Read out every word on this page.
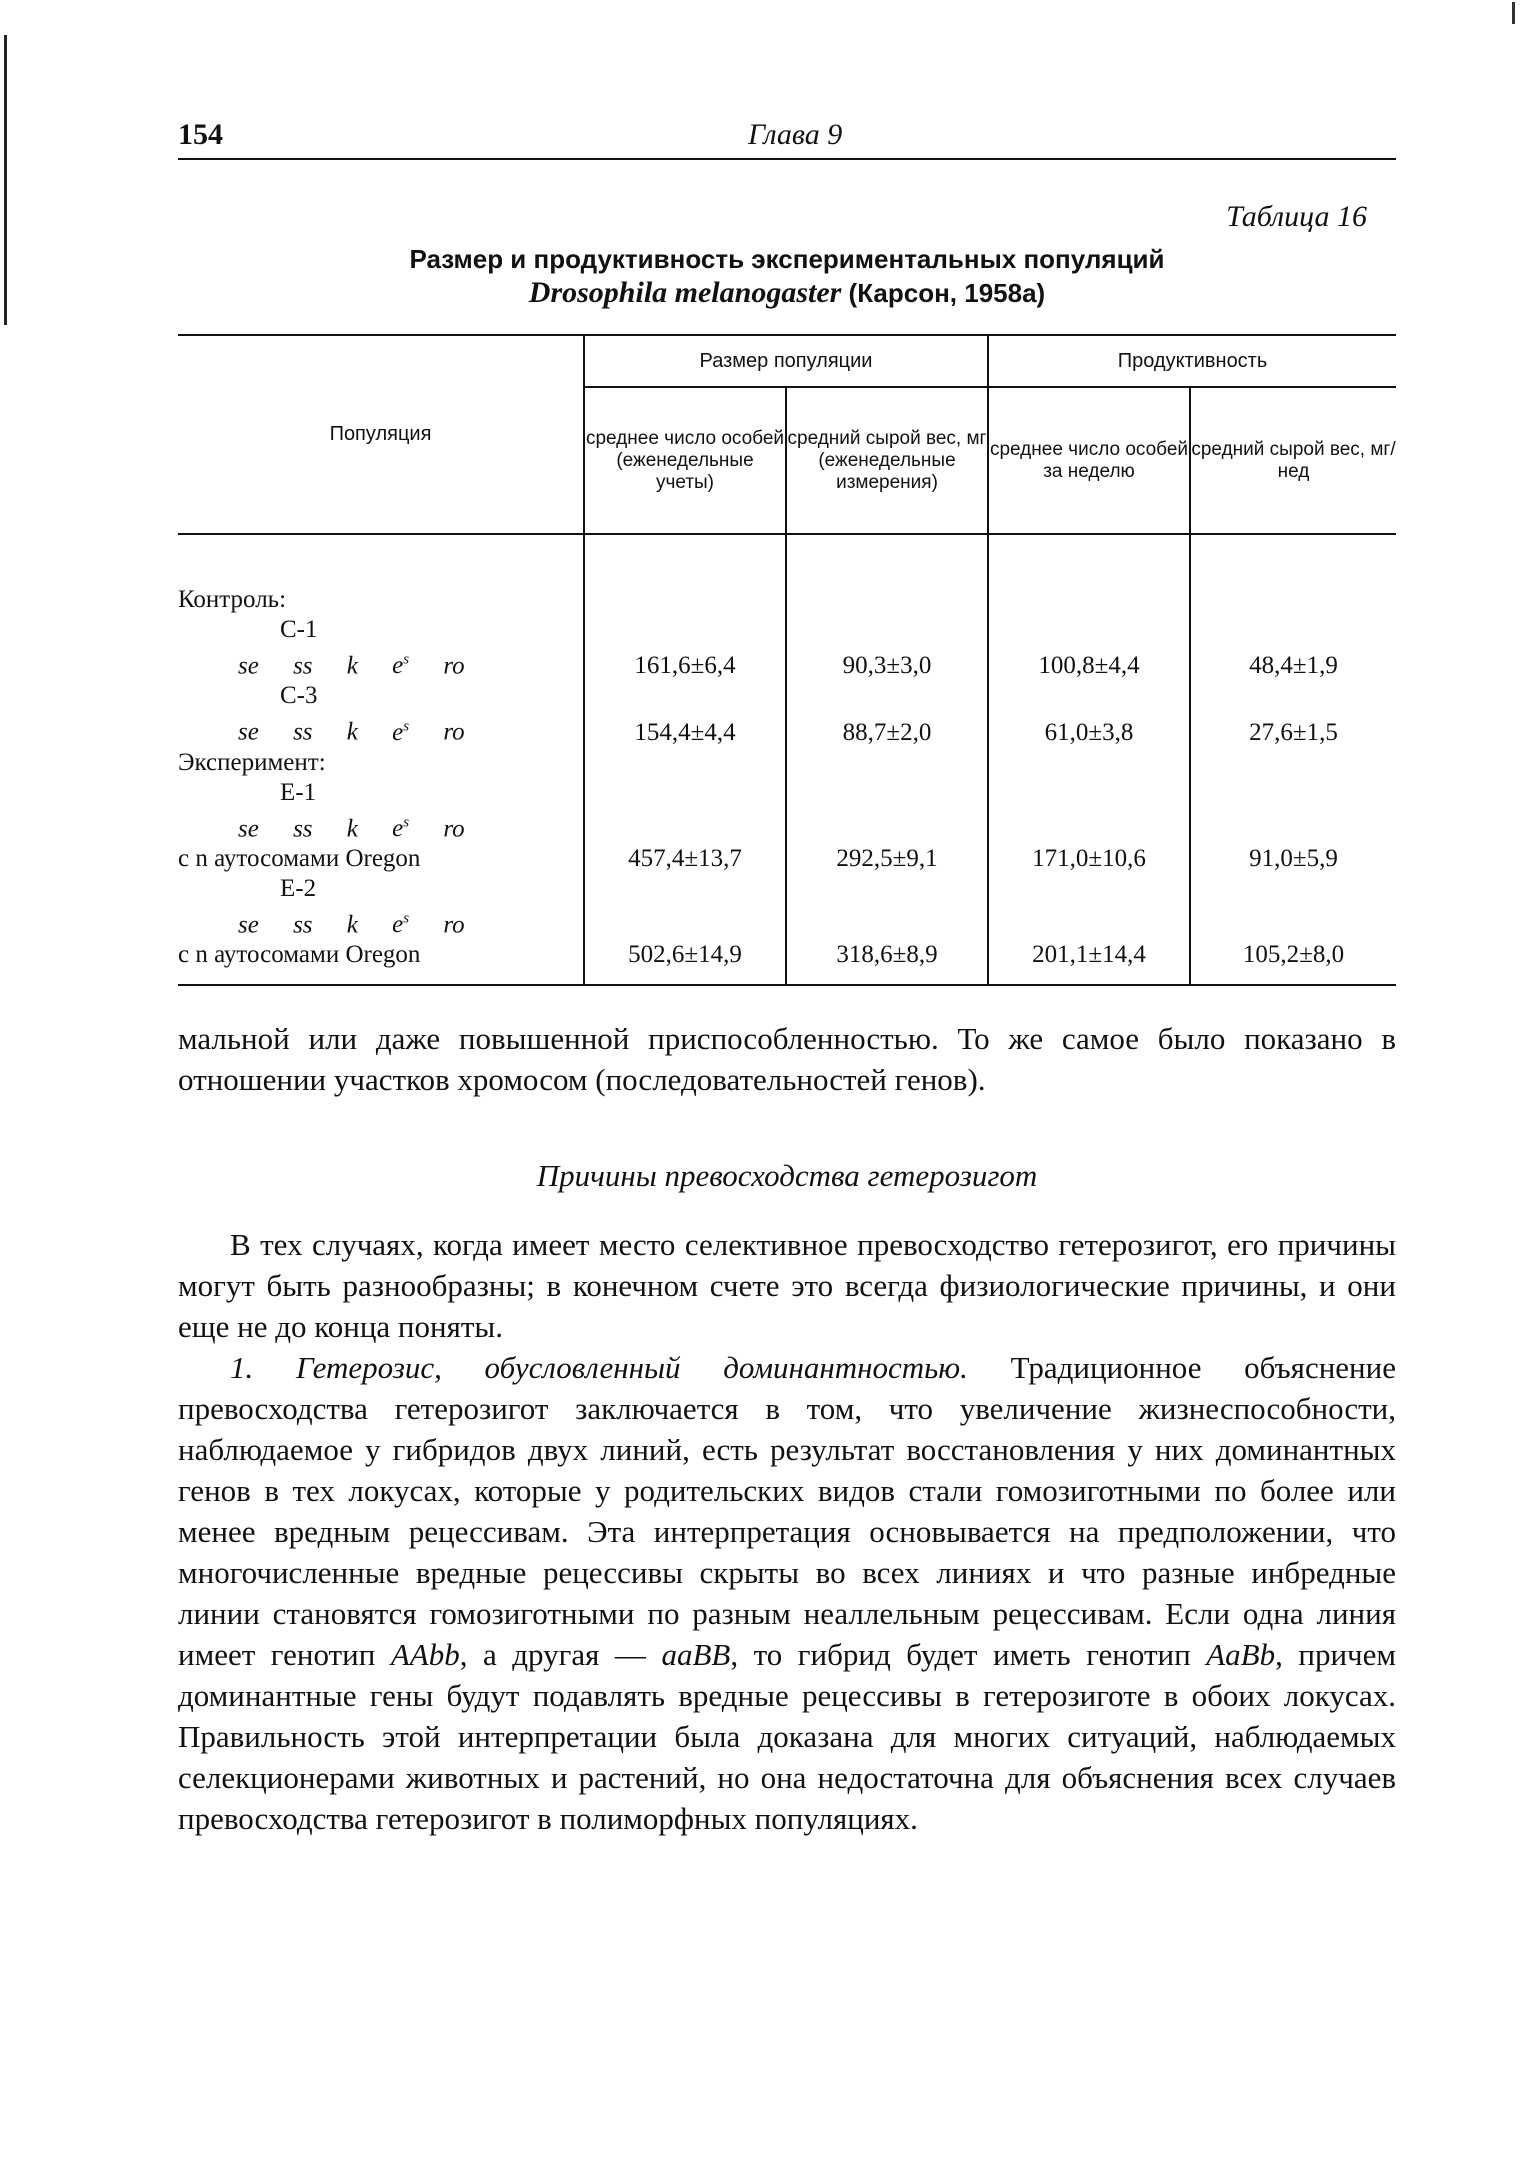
154	Глава 9
Таблица 16
Размер и продуктивность экспериментальных популяций
Drosophila melanogaster (Карсон, 1958а)
Популяция	Размер популяции		Продуктивность	
	среднее число особей (еженедельные учеты)	средний сырой вес, мг (еженедельные измерения)	среднее число особей за неделю	средний сырой вес, мг/нед
Контроль:				
С-1				
se ss k $e^s$ ro	161,6±6,4	90,3±3,0	100,8±4,4	48,4±1,9
С-3				
se ss k $e^s$ ro	154,4±4,4	88,7±2,0	61,0±3,8	27,6±1,5
Эксперимент:				
Е-1				
se ss k $e^s$ ro				
с n аутосомами Oregon	457,4±13,7	292,5±9,1	171,0±10,6	91,0±5,9
Е-2				
se ss k $e^s$ ro				
с n аутосомами Oregon	502,6±14,9	318,6±8,9	201,1±14,4	105,2±8,0

мальной или даже повышенной приспособленностью. То же самое было показано в отношении участков хромосом (последовательностей генов).

Причины превосходства гетерозигот

В тех случаях, когда имеет место селективное превосходство гетерозигот, его причины могут быть разнообразны; в конечном счете это всегда физиологические причины, и они еще не до конца поняты.

1. Гетерозис, обусловленный доминантностью. Традиционное объяснение превосходства гетерозигот заключается в том, что увеличение жизнеспособности, наблюдаемое у гибридов двух линий, есть результат восстановления у них доминантных генов в тех локусах, которые у родительских видов стали гомозиготными по более или менее вредным рецессивам. Эта интерпретация основывается на предположении, что многочисленные вредные рецессивы скрыты во всех линиях и что разные инбредные линии становятся гомозиготными по разным неаллельным рецессивам. Если одна линия имеет генотип AAbb, а другая — aaBB, то гибрид будет иметь генотип AaBb, причем доминантные гены будут подавлять вредные рецессивы в гетерозиготе в обоих локусах. Правильность этой интерпретации была доказана для многих ситуаций, наблюдаемых селекционерами животных и растений, но она недостаточна для объяснения всех случаев превосходства гетерозигот в полиморфных популяциях.
